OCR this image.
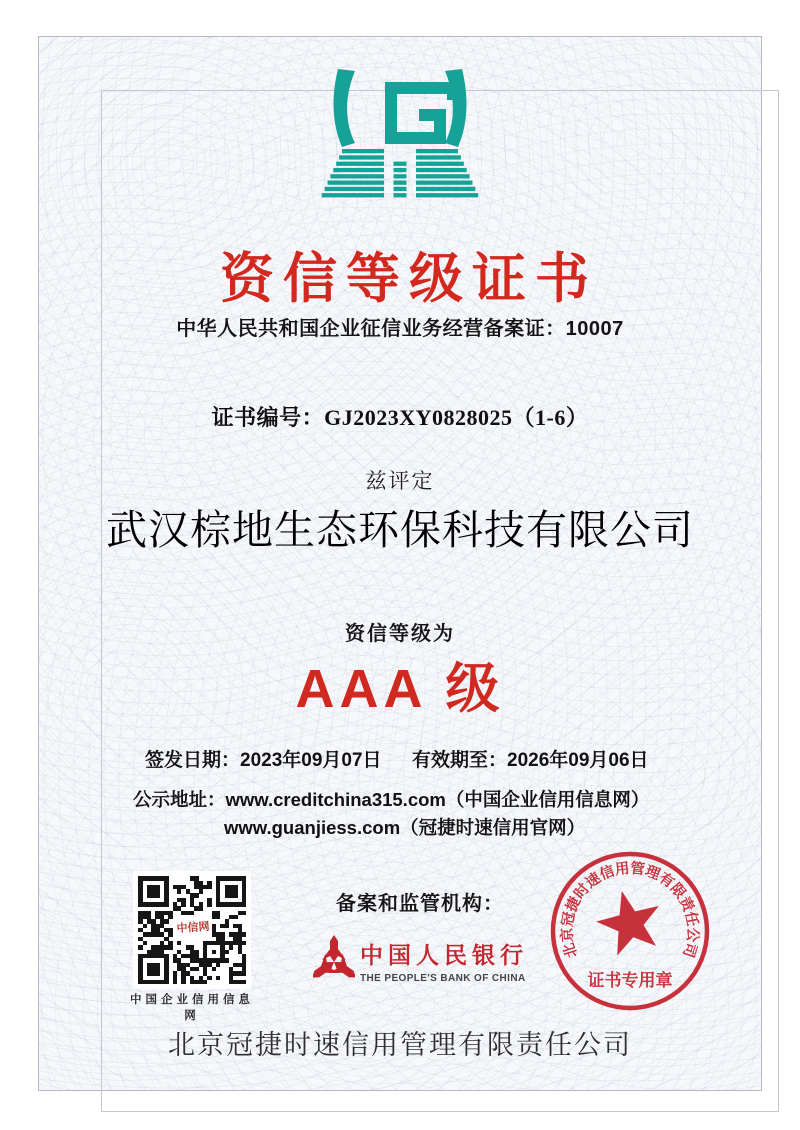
资信等级证书
中华人民共和国企业征信业务经营备案证：10007
证书编号：GJ2023XY0828025（1-6）
兹评定
武汉棕地生态环保科技有限公司
资信等级为
AAA 级
签发日期：2023年09月07日 有效期至：2026年09月06日
公示地址：www.creditchina315.com（中国企业信用信息网）
www.guanjiess.com（冠捷时速信用官网）
中信网
中国企业信用信息网
备案和监管机构：
中国人民银行
THE PEOPLE'S BANK OF CHINA
北京冠捷时速信用管理有限责任公司
证书专用章
北京冠捷时速信用管理有限责任公司
